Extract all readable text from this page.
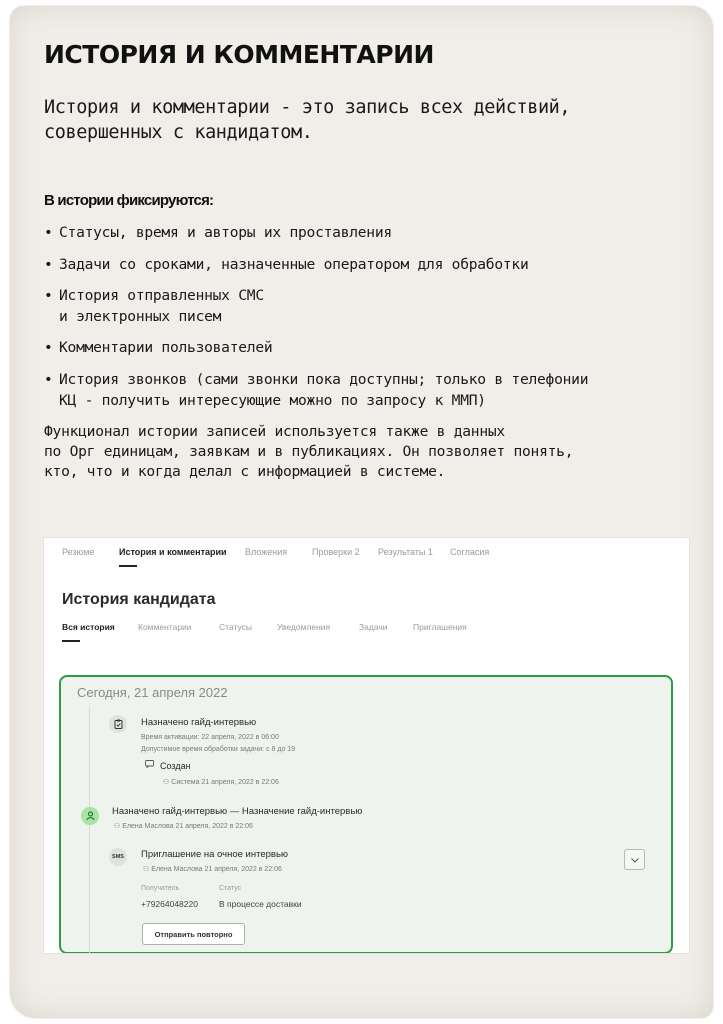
ИСТОРИЯ И КОММЕНТАРИИ
История и комментарии - это запись всех действий, совершенных с кандидатом.
В истории фиксируются:
• Статусы, время и авторы их проставления
• Задачи со сроками, назначенные оператором для обработки
• История отправленных СМС
и электронных писем
• Комментарии пользователей
• История звонков (сами звонки пока доступны; только в телефонии
КЦ - получить интересующие можно по запросу к ММП)
Функционал истории записей используется также в данных
по Орг единицам, заявкам и в публикациях. Он позволяет понять,
кто, что и когда делал с информацией в системе.
Резюме	История и комментарии Вложения	Проверки 2 Результаты 1 Согласия
История кандидата
Вся история	Комментарии	Статусы	Уведомления	Задачи	Приглашения
Сегодня, 21 апреля 2022
Назначено гайд-интервью
Время активации: 22 апреля, 2022 в 06:00
Допустимое время обработки задачи: с 8 до 19
Создан
⚇ Система 21 апреля, 2022 в 22:06
Назначено гайд-интервью — Назначение гайд-интервью
⚇ Елена Маслова 21 апреля, 2022 в 22:06
SMS	Приглашение на очное интервью
⚇ Елена Маслова 21 апреля, 2022 в 22:06
Получатель
+79264048220
Статус
В процессе доставки
Отправить повторно
